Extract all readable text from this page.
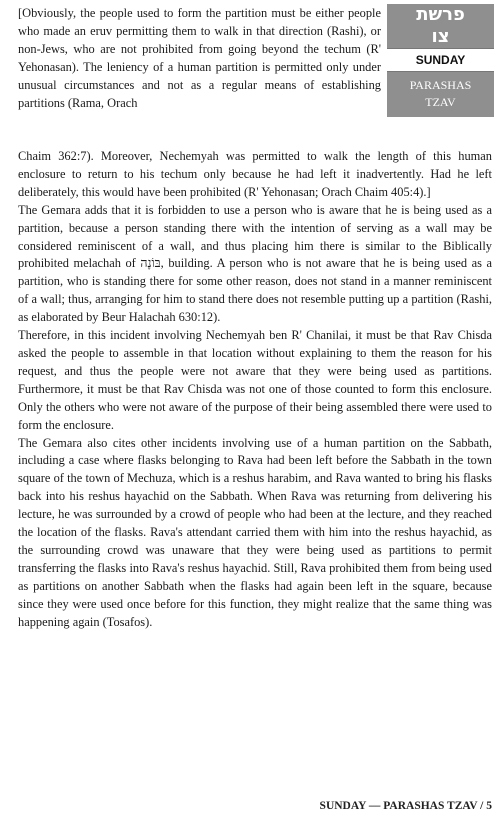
פרשת
צו
SUNDAY
PARASHAS
TZAV

[Obviously, the people used to form the partition must be either people who made an eruv permitting them to walk in that direction (Rashi), or non-Jews, who are not prohibited from going beyond the techum (R' Yehonasan). The leniency of a human partition is permitted only under unusual circumstances and not as a regular means of establishing partitions (Rama, Orach

Chaim 362:7). Moreover, Nechemyah was permitted to walk the length of this human enclosure to return to his techum only because he had left it inadvertently. Had he left deliberately, this would have been prohibited (R' Yehonasan; Orach Chaim 405:4).]

The Gemara adds that it is forbidden to use a person who is aware that he is being used as a partition, because a person standing there with the intention of serving as a wall may be considered reminiscent of a wall, and thus placing him there is similar to the Biblically prohibited melachah of בּוֹנֶה, building. A person who is not aware that he is being used as a partition, who is standing there for some other reason, does not stand in a manner reminiscent of a wall; thus, arranging for him to stand there does not resemble putting up a partition (Rashi, as elaborated by Beur Halachah 630:12).

Therefore, in this incident involving Nechemyah ben R' Chanilai, it must be that Rav Chisda asked the people to assemble in that location without explaining to them the reason for his request, and thus the people were not aware that they were being used as partitions. Furthermore, it must be that Rav Chisda was not one of those counted to form this enclosure. Only the others who were not aware of the purpose of their being assembled there were used to form the enclosure.

The Gemara also cites other incidents involving use of a human partition on the Sabbath, including a case where flasks belonging to Rava had been left before the Sabbath in the town square of the town of Mechuza, which is a reshus harabim, and Rava wanted to bring his flasks back into his reshus hayachid on the Sabbath. When Rava was returning from delivering his lecture, he was surrounded by a crowd of people who had been at the lecture, and they reached the location of the flasks. Rava's attendant carried them with him into the reshus hayachid, as the surrounding crowd was unaware that they were being used as partitions to permit transferring the flasks into Rava's reshus hayachid. Still, Rava prohibited them from being used as partitions on another Sabbath when the flasks had again been left in the square, because since they were used once before for this function, they might realize that the same thing was happening again (Tosafos).

SUNDAY — PARASHAS TZAV / 5
